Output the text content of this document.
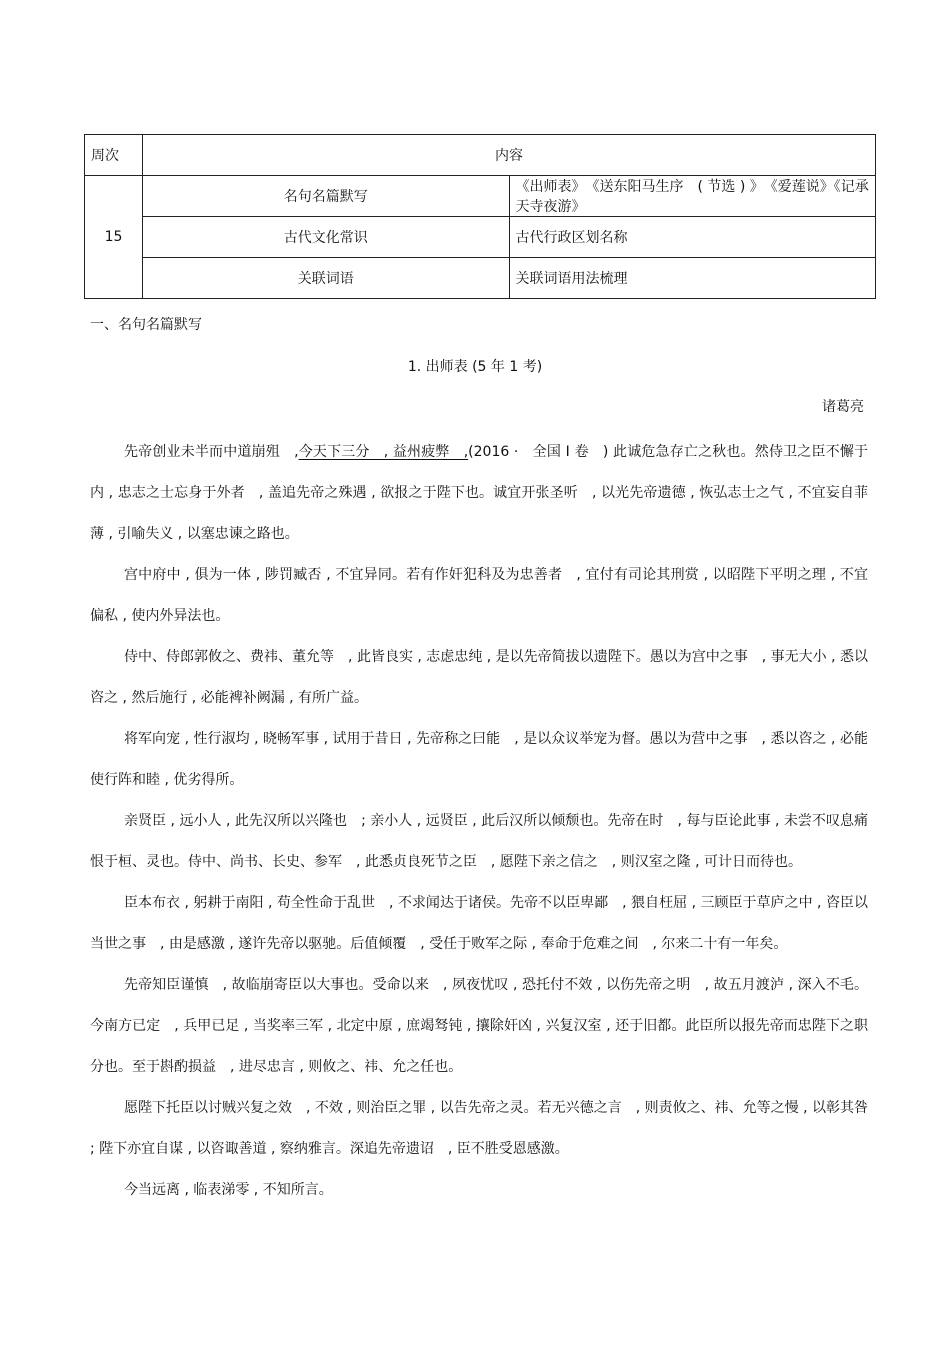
周次	内容	
15	名句名篇默写	《出师表》　《送东阳马生序　( 节选 ) 》　《爱莲说》《记承天寺夜游》
	古代文化常识	古代行政区划名称
	关联词语	关联词语用法梳理
一、名句名篇默写
1. 出师表 (5 年 1 考)
诸葛亮

先帝创业未半而中道崩殂　,今天下三分　, 益州疲弊　,(2016 ·　全国 Ⅰ 卷　) 此诚危急存亡之秋也。然侍卫之臣不懈于内 , 忠志之士忘身于外者　, 盖追先帝之殊遇 , 欲报之于陛下也。诚宜开张圣听　, 以光先帝遗德 , 恢弘志士之气 , 不宜妄自菲薄 , 引喻失义 , 以塞忠谏之路也。

宫中府中 , 俱为一体 , 陟罚臧否 , 不宜异同。若有作奸犯科及为忠善者　, 宜付有司论其刑赏 , 以昭陛下平明之理 , 不宜偏私 , 使内外异法也。

侍中、侍郎郭攸之、费祎、董允等　, 此皆良实 , 志虑忠纯 , 是以先帝简拔以遗陛下。愚以为宫中之事　, 事无大小 , 悉以咨之 , 然后施行 , 必能裨补阙漏 , 有所广益。

将军向宠 , 性行淑均 , 晓畅军事 , 试用于昔日 , 先帝称之曰能　, 是以众议举宠为督。愚以为营中之事　, 悉以咨之 , 必能使行阵和睦 , 优劣得所。

亲贤臣 , 远小人 , 此先汉所以兴隆也　; 亲小人 , 远贤臣 , 此后汉所以倾颓也。先帝在时　, 每与臣论此事 , 未尝不叹息痛恨于桓、灵也。侍中、尚书、长史、参军　, 此悉贞良死节之臣　, 愿陛下亲之信之　, 则汉室之隆 , 可计日而待也。

臣本布衣 , 躬耕于南阳 , 苟全性命于乱世　, 不求闻达于诸侯。先帝不以臣卑鄙　, 猥自枉屈 , 三顾臣于草庐之中 , 咨臣以当世之事　, 由是感激 , 遂许先帝以驱驰。后值倾覆　, 受任于败军之际 , 奉命于危难之间　, 尔来二十有一年矣。

先帝知臣谨慎　, 故临崩寄臣以大事也。受命以来　, 夙夜忧叹 , 恐托付不效 , 以伤先帝之明　, 故五月渡泸 , 深入不毛。今南方已定　, 兵甲已足 , 当奖率三军 , 北定中原 , 庶竭驽钝 , 攘除奸凶 , 兴复汉室 , 还于旧都。此臣所以报先帝而忠陛下之职分也。至于斟酌损益　, 进尽忠言 , 则攸之、祎、允之任也。

愿陛下托臣以讨贼兴复之效　, 不效 , 则治臣之罪 , 以告先帝之灵。若无兴德之言　, 则责攸之、祎、允等之慢 , 以彰其咎 ; 陛下亦宜自谋 , 以咨诹善道 , 察纳雅言。深追先帝遗诏　, 臣不胜受恩感激。

今当远离 , 临表涕零 , 不知所言。
